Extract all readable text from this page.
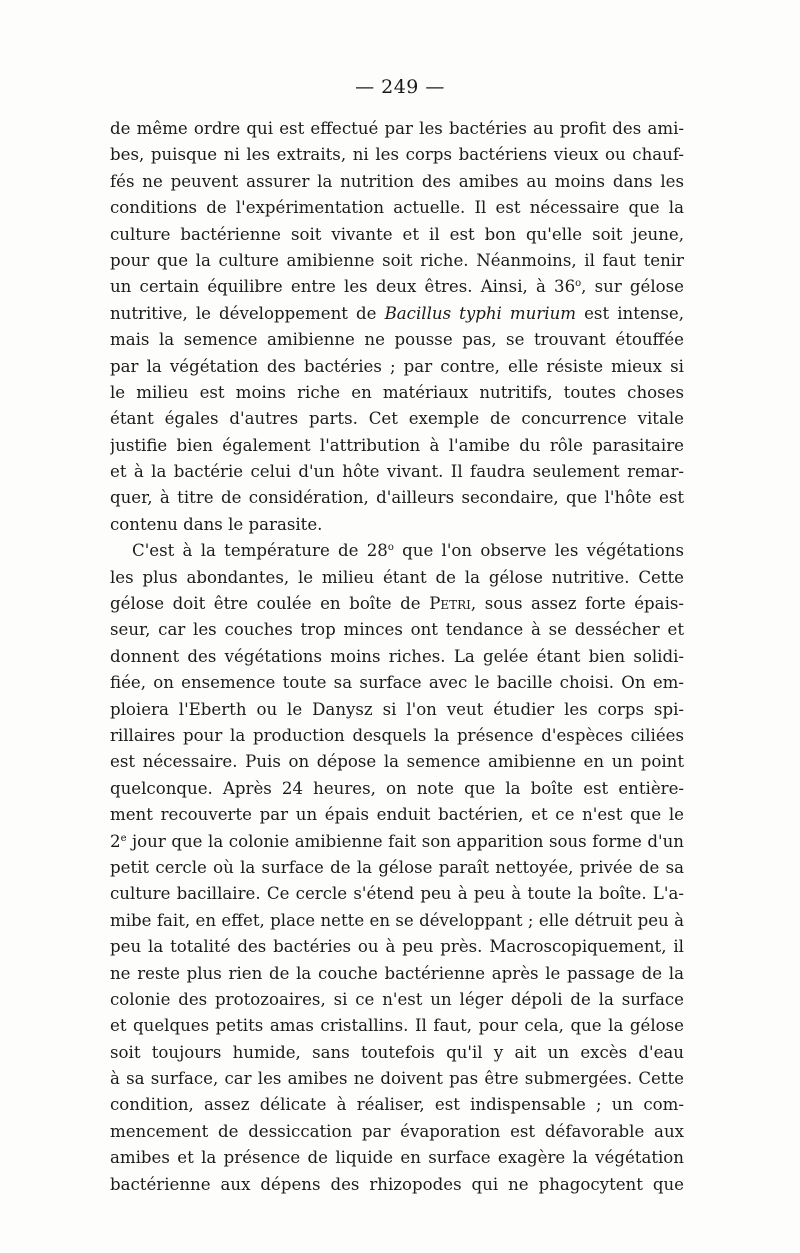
— 249 —
de même ordre qui est effectué par les bactéries au profit des ami-
bes, puisque ni les extraits, ni les corps bactériens vieux ou chauf-
fés ne peuvent assurer la nutrition des amibes au moins dans les
conditions de l'expérimentation actuelle. Il est nécessaire que la
culture bactérienne soit vivante et il est bon qu'elle soit jeune,
pour que la culture amibienne soit riche. Néanmoins, il faut tenir
un certain équilibre entre les deux êtres. Ainsi, à 36$^o$, sur gélose
nutritive, le développement de Bacillus typhi murium est intense,
mais la semence amibienne ne pousse pas, se trouvant étouffée
par la végétation des bactéries ; par contre, elle résiste mieux si
le milieu est moins riche en matériaux nutritifs, toutes choses
étant égales d'autres parts. Cet exemple de concurrence vitale
justifie bien également l'attribution à l'amibe du rôle parasitaire
et à la bactérie celui d'un hôte vivant. Il faudra seulement remar-
quer, à titre de considération, d'ailleurs secondaire, que l'hôte est
contenu dans le parasite.
C'est à la température de 28$^o$ que l'on observe les végétations
les plus abondantes, le milieu étant de la gélose nutritive. Cette
gélose doit être coulée en boîte de Petri, sous assez forte épais-
seur, car les couches trop minces ont tendance à se dessécher et
donnent des végétations moins riches. La gelée étant bien solidi-
fiée, on ensemence toute sa surface avec le bacille choisi. On em-
ploiera l'Eberth ou le Danysz si l'on veut étudier les corps spi-
rillaires pour la production desquels la présence d'espèces ciliées
est nécessaire. Puis on dépose la semence amibienne en un point
quelconque. Après 24 heures, on note que la boîte est entière-
ment recouverte par un épais enduit bactérien, et ce n'est que le
2e jour que la colonie amibienne fait son apparition sous forme d'un
petit cercle où la surface de la gélose paraît nettoyée, privée de sa
culture bacillaire. Ce cercle s'étend peu à peu à toute la boîte. L'a-
mibe fait, en effet, place nette en se développant ; elle détruit peu à
peu la totalité des bactéries ou à peu près. Macroscopiquement, il
ne reste plus rien de la couche bactérienne après le passage de la
colonie des protozoaires, si ce n'est un léger dépoli de la surface
et quelques petits amas cristallins. Il faut, pour cela, que la gélose
soit toujours humide, sans toutefois qu'il y ait un excès d'eau
à sa surface, car les amibes ne doivent pas être submergées. Cette
condition, assez délicate à réaliser, est indispensable ; un com-
mencement de dessiccation par évaporation est défavorable aux
amibes et la présence de liquide en surface exagère la végétation
bactérienne aux dépens des rhizopodes qui ne phagocytent que
